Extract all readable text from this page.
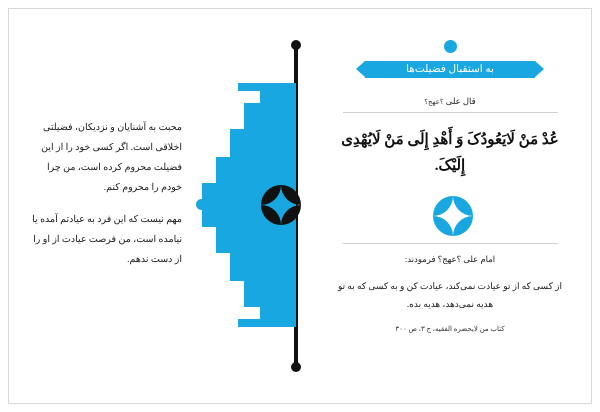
محبت به آشنایان و نزدیکان، فضیلتی اخلاقی است. اگر کسی خود را از این فضیلت محروم کرده است، من چرا خودم را محروم کنم.

مهم نیست که این فرد به عیادتم آمده یا نیامده است، من فرصت عیادت از او را از دست ندهم.

به استقبال فضیلت‌ها
قال علی ؟عهج؟
عُدْ مَنْ لَایَعُودُکَ وَ أَهْدِ إِلَی مَنْ لَایُهْدِی إِلَیْکَ.
امام علی ؟عهج؟ فرمودند:
از کسی که از تو عیادت نمی‌کند، عیادت کن و به کسی که به تو هدیه نمی‌دهد، هدیه بده.
کتاب من لایحضره الفقیه، ج ۳، ص ۳۰۰
